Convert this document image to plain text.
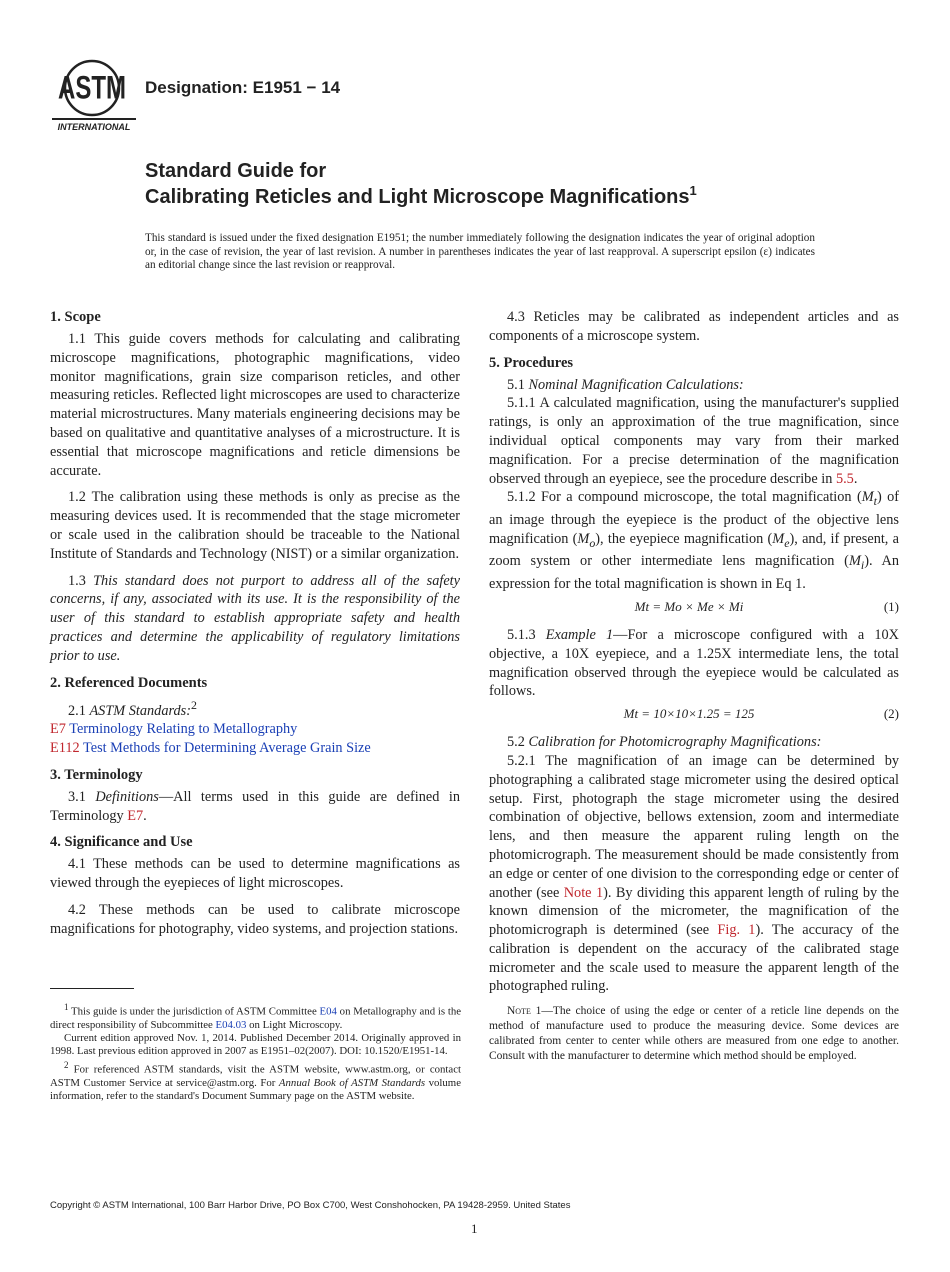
ASTM
INTERNATIONAL
Designation: E1951 − 14
Standard Guide for
Calibrating Reticles and Light Microscope Magnifications$^1$
This standard is issued under the fixed designation E1951; the number immediately following the designation indicates the year of original adoption or, in the case of revision, the year of last revision. A number in parentheses indicates the year of last reapproval. A superscript epsilon (ε) indicates an editorial change since the last revision or reapproval.
1. Scope

1.1 This guide covers methods for calculating and calibrating microscope magnifications, photographic magnifications, video monitor magnifications, grain size comparison reticles, and other measuring reticles. Reflected light microscopes are used to characterize material microstructures. Many materials engineering decisions may be based on qualitative and quantitative analyses of a microstructure. It is essential that microscope magnifications and reticle dimensions be accurate.

1.2 The calibration using these methods is only as precise as the measuring devices used. It is recommended that the stage micrometer or scale used in the calibration should be traceable to the National Institute of Standards and Technology (NIST) or a similar organization.

1.3 This standard does not purport to address all of the safety concerns, if any, associated with its use. It is the responsibility of the user of this standard to establish appropriate safety and health practices and determine the applicability of regulatory limitations prior to use.

2. Referenced Documents

2.1 ASTM Standards:$^2$

E7 Terminology Relating to Metallography

E112 Test Methods for Determining Average Grain Size

3. Terminology

3.1 Definitions—All terms used in this guide are defined in Terminology E7.

4. Significance and Use

4.1 These methods can be used to determine magnifications as viewed through the eyepieces of light microscopes.

4.2 These methods can be used to calibrate microscope magnifications for photography, video systems, and projection stations.

4.3 Reticles may be calibrated as independent articles and as components of a microscope system.

5. Procedures

5.1 Nominal Magnification Calculations:

5.1.1 A calculated magnification, using the manufacturer's supplied ratings, is only an approximation of the true magnification, since individual optical components may vary from their marked magnification. For a precise determination of the magnification observed through an eyepiece, see the procedure describe in 5.5.

5.1.2 For a compound microscope, the total magnification $(M_t)$ of an image through the eyepiece is the product of the objective lens magnification $(M_o)$, the eyepiece magnification $(M_e)$, and, if present, a zoom system or other intermediate lens magnification $(M_i)$. An expression for the total magnification is shown in Eq 1.

Mt = Mo × Me × Mi	(1)

5.1.3 Example 1—For a microscope configured with a 10X objective, a 10X eyepiece, and a 1.25X intermediate lens, the total magnification observed through the eyepiece would be calculated as follows.

Mt = 10×10×1.25 = 125	(2)

5.2 Calibration for Photomicrography Magnifications:

5.2.1 The magnification of an image can be determined by photographing a calibrated stage micrometer using the desired optical setup. First, photograph the stage micrometer using the desired combination of objective, bellows extension, zoom and intermediate lens, and then measure the apparent ruling length on the photomicrograph. The measurement should be made consistently from an edge or center of one division to the corresponding edge or center of another (see Note 1). By dividing this apparent length of ruling by the known dimension of the micrometer, the magnification of the photomicrograph is determined (see Fig. 1). The accuracy of the calibration is dependent on the accuracy of the calibrated stage micrometer and the scale used to measure the apparent length of the photographed ruling.

Note 1—The choice of using the edge or center of a reticle line depends on the method of manufacture used to produce the measuring device. Some devices are calibrated from center to center while others are measured from one edge to another. Consult with the manufacturer to determine which method should be employed.

$^1$ This guide is under the jurisdiction of ASTM Committee E04 on Metallography and is the direct responsibility of Subcommittee E04.03 on Light Microscopy.

Current edition approved Nov. 1, 2014. Published December 2014. Originally approved in 1998. Last previous edition approved in 2007 as E1951–02(2007). DOI: 10.1520/E1951-14.

$^2$ For referenced ASTM standards, visit the ASTM website, www.astm.org, or contact ASTM Customer Service at service@astm.org. For Annual Book of ASTM Standards volume information, refer to the standard's Document Summary page on the ASTM website.

Copyright © ASTM International, 100 Barr Harbor Drive, PO Box C700, West Conshohocken, PA 19428-2959. United States
1
